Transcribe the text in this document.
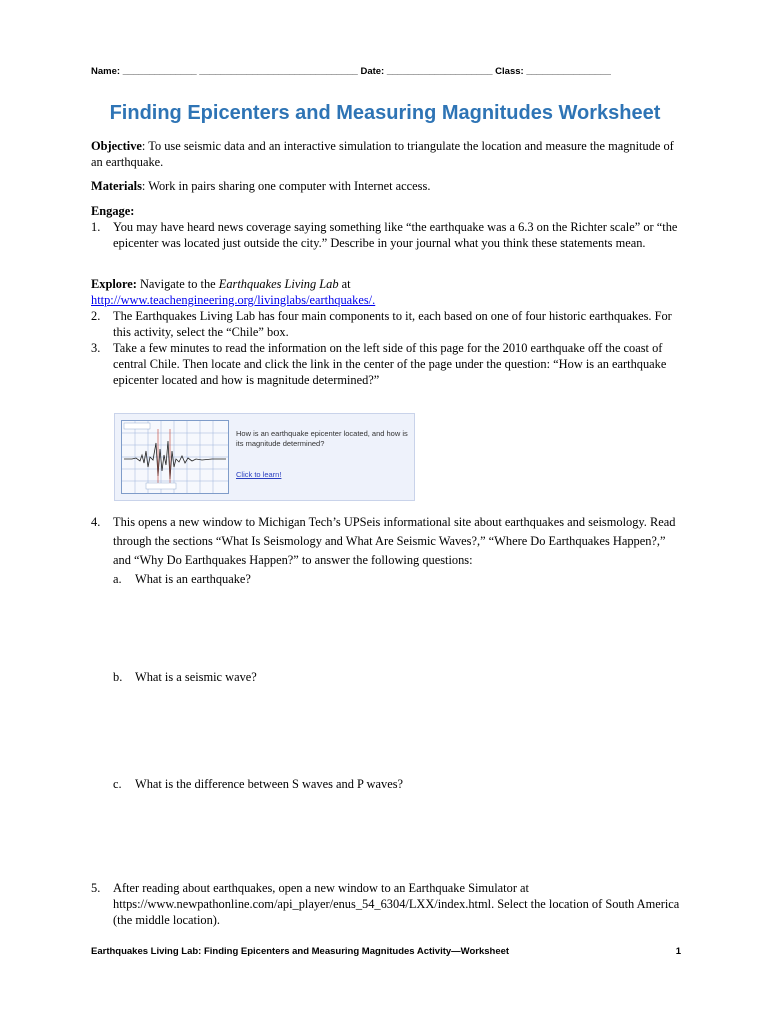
Name: ______________ ______________________________ Date: ____________________ Class: ________________
Finding Epicenters and Measuring Magnitudes Worksheet
Objective: To use seismic data and an interactive simulation to triangulate the location and measure the magnitude of an earthquake.
Materials: Work in pairs sharing one computer with Internet access.
Engage:
1. You may have heard news coverage saying something like “the earthquake was a 6.3 on the Richter scale” or “the epicenter was located just outside the city.” Describe in your journal what you think these statements mean.
Explore: Navigate to the Earthquakes Living Lab at
http://www.teachengineering.org/livinglabs/earthquakes/.
2. The Earthquakes Living Lab has four main components to it, each based on one of four historic earthquakes. For this activity, select the “Chile” box.
3. Take a few minutes to read the information on the left side of this page for the 2010 earthquake off the coast of central Chile. Then locate and click the link in the center of the page under the question: “How is an earthquake epicenter located and how is magnitude determined?”
How is an earthquake epicenter located, and how is its magnitude determined?
Click to learn!
4. This opens a new window to Michigan Tech’s UPSeis informational site about earthquakes and seismology. Read through the sections “What Is Seismology and What Are Seismic Waves?,” “Where Do Earthquakes Happen?,” and “Why Do Earthquakes Happen?” to answer the following questions:
a. What is an earthquake?
b. What is a seismic wave?
c. What is the difference between S waves and P waves?
5. After reading about earthquakes, open a new window to an Earthquake Simulator at https://www.newpathonline.com/api_player/enus_54_6304/LXX/index.html. Select the location of South America (the middle location).
Earthquakes Living Lab: Finding Epicenters and Measuring Magnitudes Activity—Worksheet	1
